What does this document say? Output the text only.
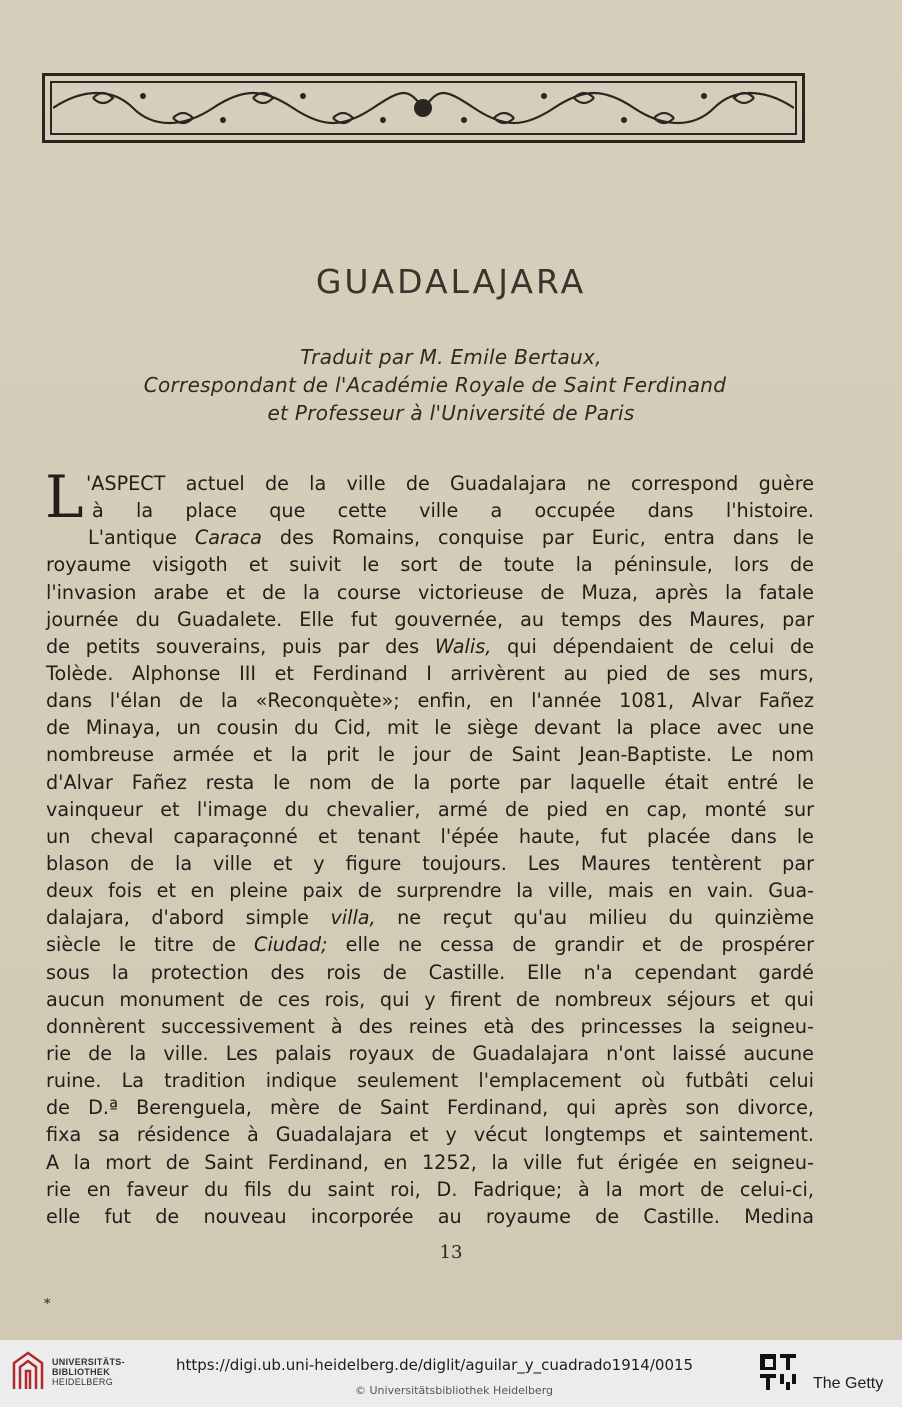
GUADALAJARA
Traduit par M. Emile Bertaux,
Correspondant de l'Académie Royale de Saint Ferdinand
et Professeur à l'Université de Paris
L 'ASPECT actuel de la ville de Guadalajara ne correspond guère
à la place que cette ville a occupée dans l'histoire.
L'antique Caraca des Romains, conquise par Euric, entra dans le
royaume visigoth et suivit le sort de toute la péninsule, lors de
l'invasion arabe et de la course victorieuse de Muza, après la fatale
journée du Guadalete. Elle fut gouvernée, au temps des Maures, par
de petits souverains, puis par des Walis, qui dépendaient de celui de
Tolède. Alphonse III et Ferdinand I arrivèrent au pied de ses murs,
dans l'élan de la «Reconquète»; enfin, en l'année 1081, Alvar Fañez
de Minaya, un cousin du Cid, mit le siège devant la place avec une
nombreuse armée et la prit le jour de Saint Jean-Baptiste. Le nom
d'Alvar Fañez resta le nom de la porte par laquelle était entré le
vainqueur et l'image du chevalier, armé de pied en cap, monté sur
un cheval caparaçonné et tenant l'épée haute, fut placée dans le
blason de la ville et y figure toujours. Les Maures tentèrent par
deux fois et en pleine paix de surprendre la ville, mais en vain. Gua-
dalajara, d'abord simple villa, ne reçut qu'au milieu du quinzième
siècle le titre de Ciudad; elle ne cessa de grandir et de prospérer
sous la protection des rois de Castille. Elle n'a cependant gardé
aucun monument de ces rois, qui y firent de nombreux séjours et qui
donnèrent successivement à des reines età des princesses la seigneu-
rie de la ville. Les palais royaux de Guadalajara n'ont laissé aucune
ruine. La tradition indique seulement l'emplacement où futbâti celui
de D.ª Berenguela, mère de Saint Ferdinand, qui après son divorce,
fixa sa résidence à Guadalajara et y vécut longtemps et saintement.
A la mort de Saint Ferdinand, en 1252, la ville fut érigée en seigneu-
rie en faveur du fils du saint roi, D. Fadrique; à la mort de celui-ci,
elle fut de nouveau incorporée au royaume de Castille. Medina
13
*
UNIVERSITÄTS-
BIBLIOTHEK
HEIDELBERG
https://digi.ub.uni-heidelberg.de/diglit/aguilar_y_cuadrado1914/0015
© Universitätsbibliothek Heidelberg	The Getty
